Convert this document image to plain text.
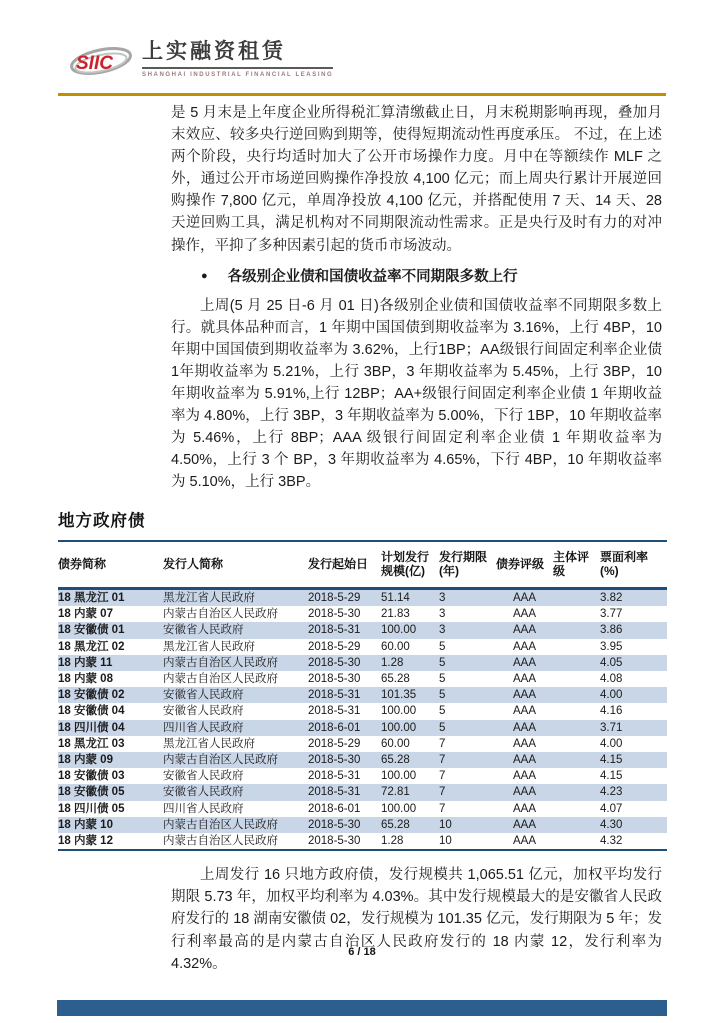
SIIC
上实融资租赁
SHANGHAI INDUSTRIAL FINANCIAL LEASING

是 5 月末是上年度企业所得税汇算清缴截止日，月末税期影响再现，叠加月末效应、较多央行逆回购到期等，使得短期流动性再度承压。 不过，在上述两个阶段，央行均适时加大了公开市场操作力度。月中在等额续作 MLF 之外，通过公开市场逆回购操作净投放 4,100 亿元；而上周央行累计开展逆回购操作 7,800 亿元，单周净投放 4,100 亿元，并搭配使用 7 天、14 天、28 天逆回购工具，满足机构对不同期限流动性需求。正是央行及时有力的对冲操作，平抑了多种因素引起的货币市场波动。

● 各级别企业债和国债收益率不同期限多数上行

上周(5 月 25 日-6 月 01 日)各级别企业债和国债收益率不同期限多数上行。就具体品种而言，1 年期中国国债到期收益率为 3.16%，上行 4BP，10 年期中国国债到期收益率为 3.62%，上行1BP；AA级银行间固定利率企业债1年期收益率为 5.21%，上行 3BP，3 年期收益率为 5.45%，上行 3BP，10 年期收益率为 5.91%,上行 12BP；AA+级银行间固定利率企业债 1 年期收益率为 4.80%，上行 3BP，3 年期收益率为 5.00%，下行 1BP，10 年期收益率为 5.46%，上行 8BP；AAA 级银行间固定利率企业债 1 年期收益率为 4.50%，上行 3 个 BP，3 年期收益率为 4.65%，下行 4BP，10 年期收益率为 5.10%，上行 3BP。

地方政府债
债券简称	发行人简称	发行起始日	计划发行规模(亿)	发行期限(年)	债券评级	主体评级	票面利率(%)
18 黑龙江 01	黑龙江省人民政府	2018-5-29	51.14	3	AAA		3.82
18 内蒙 07	内蒙古自治区人民政府	2018-5-30	21.83	3	AAA		3.77
18 安徽债 01	安徽省人民政府	2018-5-31	100.00	3	AAA		3.86
18 黑龙江 02	黑龙江省人民政府	2018-5-29	60.00	5	AAA		3.95
18 内蒙 11	内蒙古自治区人民政府	2018-5-30	1.28	5	AAA		4.05
18 内蒙 08	内蒙古自治区人民政府	2018-5-30	65.28	5	AAA		4.08
18 安徽债 02	安徽省人民政府	2018-5-31	101.35	5	AAA		4.00
18 安徽债 04	安徽省人民政府	2018-5-31	100.00	5	AAA		4.16
18 四川债 04	四川省人民政府	2018-6-01	100.00	5	AAA		3.71
18 黑龙江 03	黑龙江省人民政府	2018-5-29	60.00	7	AAA		4.00
18 内蒙 09	内蒙古自治区人民政府	2018-5-30	65.28	7	AAA		4.15
18 安徽债 03	安徽省人民政府	2018-5-31	100.00	7	AAA		4.15
18 安徽债 05	安徽省人民政府	2018-5-31	72.81	7	AAA		4.23
18 四川债 05	四川省人民政府	2018-6-01	100.00	7	AAA		4.07
18 内蒙 10	内蒙古自治区人民政府	2018-5-30	65.28	10	AAA		4.30
18 内蒙 12	内蒙古自治区人民政府	2018-5-30	1.28	10	AAA		4.32

上周发行 16 只地方政府债，发行规模共 1,065.51 亿元，加权平均发行期限 5.73 年，加权平均利率为 4.03%。其中发行规模最大的是安徽省人民政府发行的 18 湖南安徽债 02，发行规模为 101.35 亿元，发行期限为 5 年；发行利率最高的是内蒙古自治区人民政府发行的 18 内蒙 12，发行利率为 4.32%。

6 / 18
